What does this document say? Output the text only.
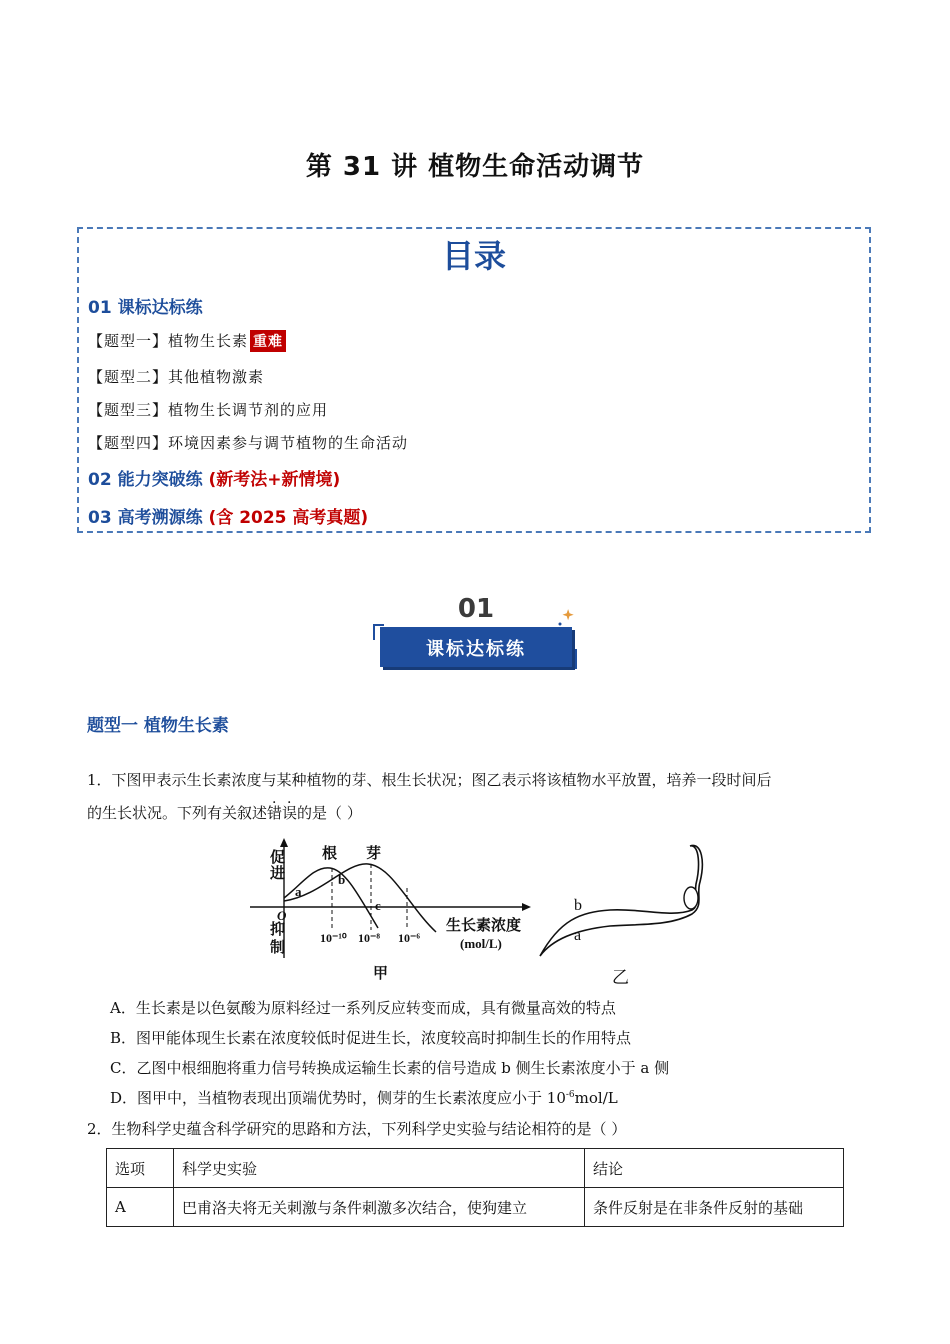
第 31 讲 植物生命活动调节
目录
01 课标达标练
【题型一】植物生长素 重难
【题型二】其他植物激素
【题型三】植物生长调节剂的应用
【题型四】环境因素参与调节植物的生命活动
02 能力突破练 (新考法+新情境)
03 高考溯源练 (含 2025 高考真题)
01
课标达标练
题型一 植物生长素
1．下图甲表示生长素浓度与某种植物的芽、根生长状况；图乙表示将该植物水平放置，培养一段时间后
的生长状况。下列有关叙述错误的是（ ）
促
进
抑
制
O
根 芽
a
b
c
10⁻¹⁰ 10⁻⁸ 10⁻⁶
生长素浓度
(mol/L)
甲
b
a
乙
A．生长素是以色氨酸为原料经过一系列反应转变而成，具有微量高效的特点
B．图甲能体现生长素在浓度较低时促进生长，浓度较高时抑制生长的作用特点
C．乙图中根细胞将重力信号转换成运输生长素的信号造成 b 侧生长素浓度小于 a 侧
D．图甲中，当植物表现出顶端优势时，侧芽的生长素浓度应小于 $10^{-6}mol/L$
2．生物科学史蕴含科学研究的思路和方法，下列科学史实验与结论相符的是（ ）
选项	科学史实验	结论
A	巴甫洛夫将无关刺激与条件刺激多次结合，使狗建立	条件反射是在非条件反射的基础
